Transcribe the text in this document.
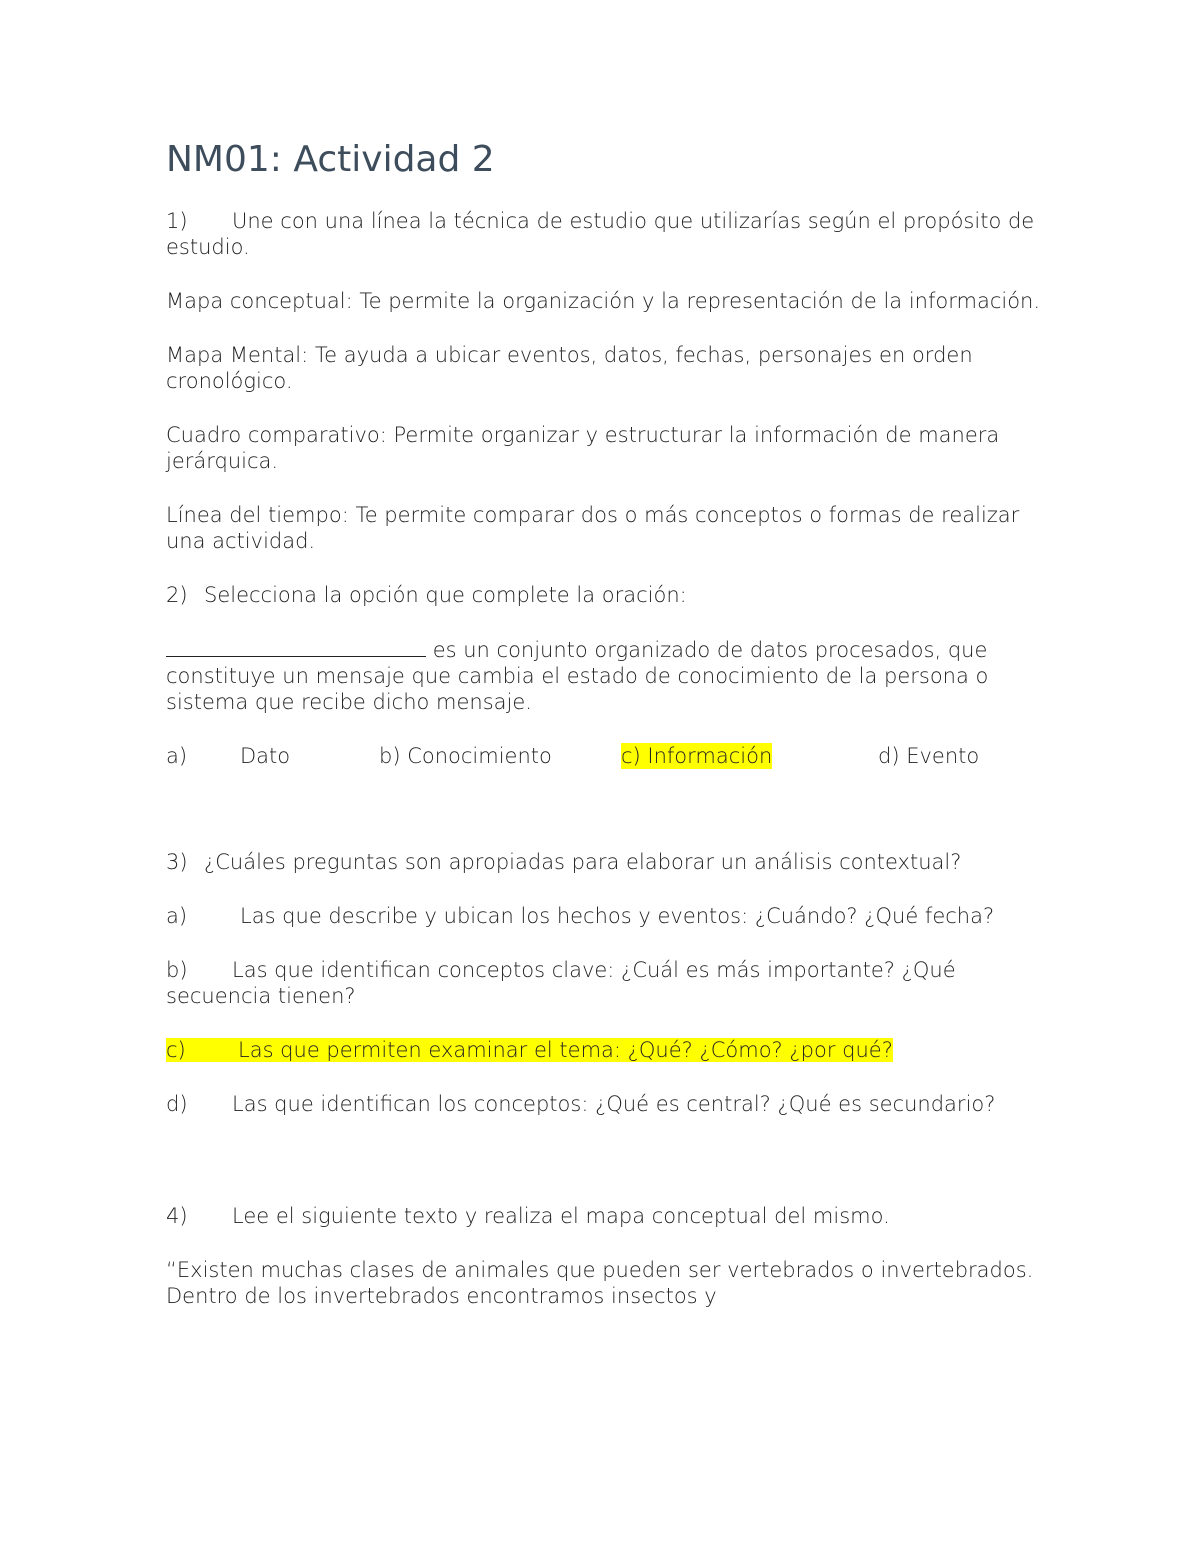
NM01: Actividad 2

1) Une con una línea la técnica de estudio que utilizarías según el propósito de estudio.

Mapa conceptual: Te permite la organización y la representación de la información.

Mapa Mental: Te ayuda a ubicar eventos, datos, fechas, personajes en orden cronológico.

Cuadro comparativo: Permite organizar y estructurar la información de manera jerárquica.

Línea del tiempo: Te permite comparar dos o más conceptos o formas de realizar una actividad.

2) Selecciona la opción que complete la oración:

es un conjunto organizado de datos procesados, que constituye un mensaje que cambia el estado de conocimiento de la persona o sistema que recibe dicho mensaje.

a)	Dato	b) Conocimiento	c) Información	d) Evento

3) ¿Cuáles preguntas son apropiadas para elaborar un análisis contextual?

a)	Las que describe y ubican los hechos y eventos: ¿Cuándo? ¿Qué fecha?

b) Las que identifican conceptos clave: ¿Cuál es más importante? ¿Qué secuencia tienen?

c) Las que permiten examinar el tema: ¿Qué? ¿Cómo? ¿por qué?

d) Las que identifican los conceptos: ¿Qué es central? ¿Qué es secundario?

4) Lee el siguiente texto y realiza el mapa conceptual del mismo.

“Existen muchas clases de animales que pueden ser vertebrados o invertebrados. Dentro de los invertebrados encontramos insectos y
